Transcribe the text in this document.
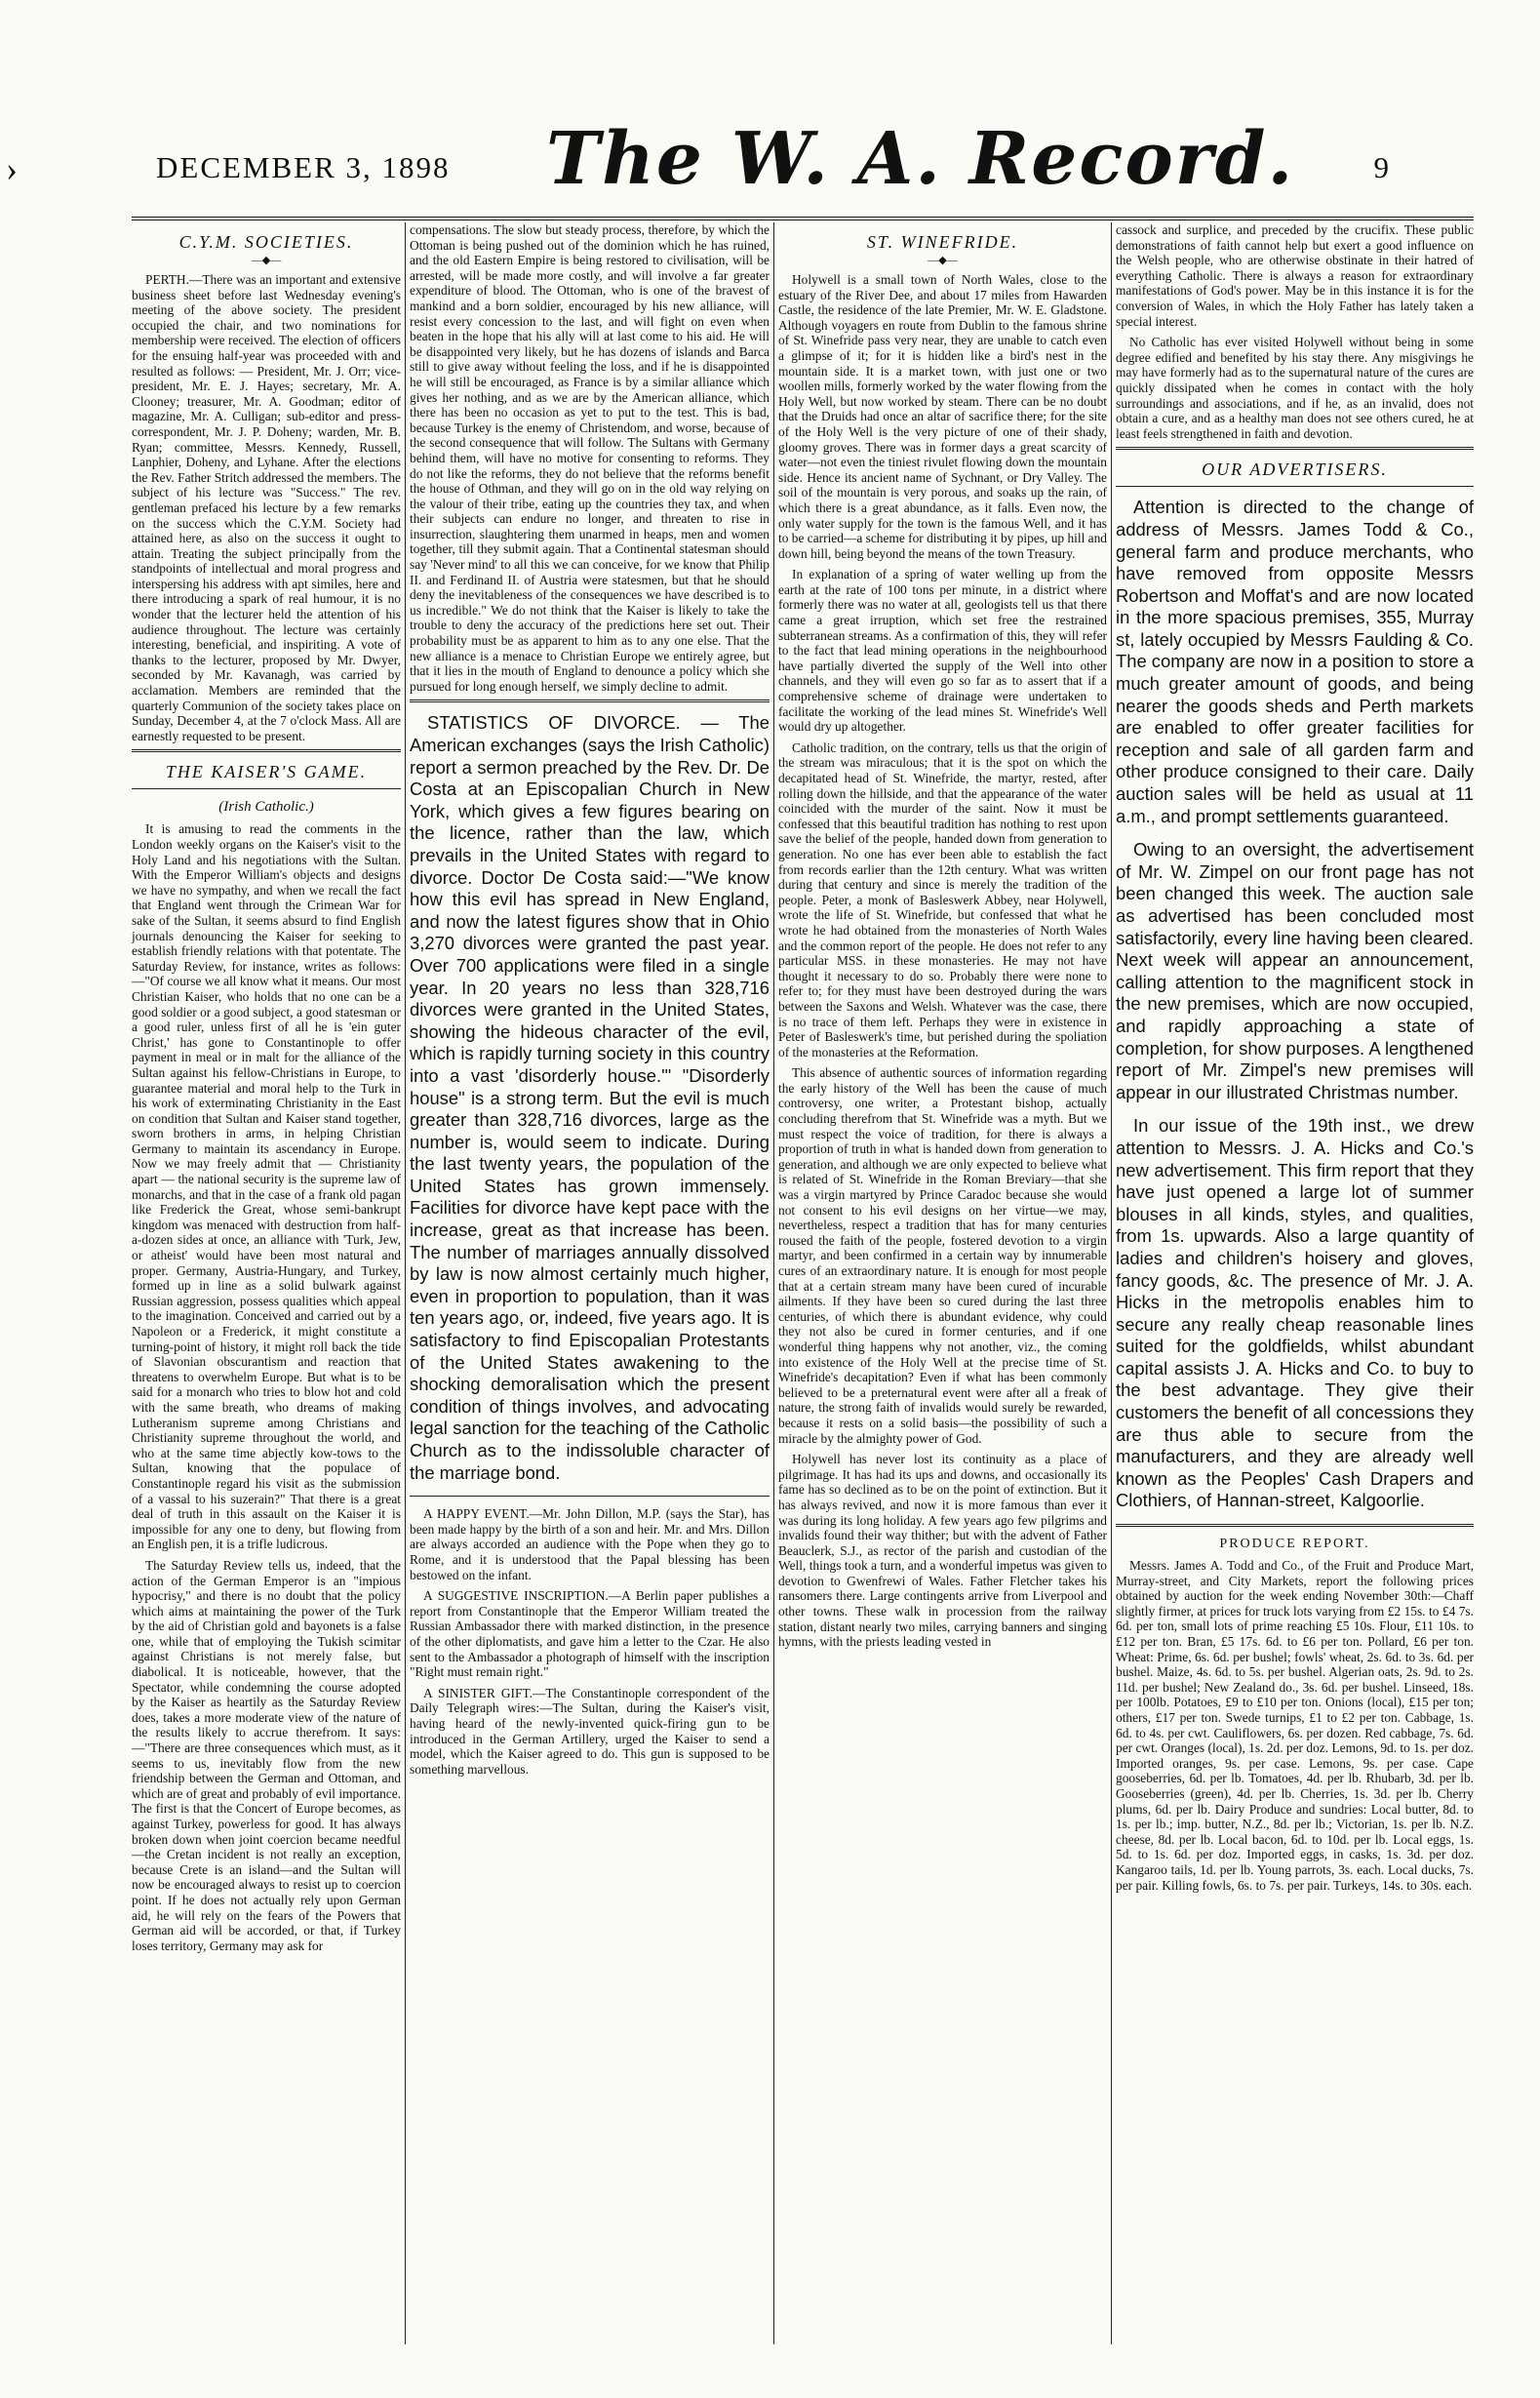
›	DECEMBER 3, 1898 The W. A. Record.	9
C.Y.M. SOCIETIES.
—◆—

PERTH.—There was an important and extensive business sheet before last Wednesday evening's meeting of the above society. The president occupied the chair, and two nominations for membership were received. The election of officers for the ensuing half-year was proceeded with and resulted as follows: — President, Mr. J. Orr; vice-president, Mr. E. J. Hayes; secretary, Mr. A. Clooney; treasurer, Mr. A. Goodman; editor of magazine, Mr. A. Culligan; sub-editor and press-correspondent, Mr. J. P. Doheny; warden, Mr. B. Ryan; committee, Messrs. Kennedy, Russell, Lanphier, Doheny, and Lyhane. After the elections the Rev. Father Stritch addressed the members. The subject of his lecture was "Success." The rev. gentleman prefaced his lecture by a few remarks on the success which the C.Y.M. Society had attained here, as also on the success it ought to attain. Treating the subject principally from the standpoints of intellectual and moral progress and interspersing his address with apt similes, here and there introducing a spark of real humour, it is no wonder that the lecturer held the attention of his audience throughout. The lecture was certainly interesting, beneficial, and inspiriting. A vote of thanks to the lecturer, proposed by Mr. Dwyer, seconded by Mr. Kavanagh, was carried by acclamation. Members are reminded that the quarterly Communion of the society takes place on Sunday, December 4, at the 7 o'clock Mass. All are earnestly requested to be present.

THE KAISER'S GAME.
(Irish Catholic.)

It is amusing to read the comments in the London weekly organs on the Kaiser's visit to the Holy Land and his negotiations with the Sultan. With the Emperor William's objects and designs we have no sympathy, and when we recall the fact that England went through the Crimean War for sake of the Sultan, it seems absurd to find English journals denouncing the Kaiser for seeking to establish friendly relations with that potentate. The Saturday Review, for instance, writes as follows:—"Of course we all know what it means. Our most Christian Kaiser, who holds that no one can be a good soldier or a good subject, a good statesman or a good ruler, unless first of all he is 'ein guter Christ,' has gone to Constantinople to offer payment in meal or in malt for the alliance of the Sultan against his fellow-Christians in Europe, to guarantee material and moral help to the Turk in his work of exterminating Christianity in the East on condition that Sultan and Kaiser stand together, sworn brothers in arms, in helping Christian Germany to maintain its ascendancy in Europe. Now we may freely admit that — Christianity apart — the national security is the supreme law of monarchs, and that in the case of a frank old pagan like Frederick the Great, whose semi-bankrupt kingdom was menaced with destruction from half-a-dozen sides at once, an alliance with 'Turk, Jew, or atheist' would have been most natural and proper. Germany, Austria-Hungary, and Turkey, formed up in line as a solid bulwark against Russian aggression, possess qualities which appeal to the imagination. Conceived and carried out by a Napoleon or a Frederick, it might constitute a turning-point of history, it might roll back the tide of Slavonian obscurantism and reaction that threatens to overwhelm Europe. But what is to be said for a monarch who tries to blow hot and cold with the same breath, who dreams of making Lutheranism supreme among Christians and Christianity supreme throughout the world, and who at the same time abjectly kow-tows to the Sultan, knowing that the populace of Constantinople regard his visit as the submission of a vassal to his suzerain?" That there is a great deal of truth in this assault on the Kaiser it is impossible for any one to deny, but flowing from an English pen, it is a trifle ludicrous.

The Saturday Review tells us, indeed, that the action of the German Emperor is an "impious hypocrisy," and there is no doubt that the policy which aims at maintaining the power of the Turk by the aid of Christian gold and bayonets is a false one, while that of employing the Tukish scimitar against Christians is not merely false, but diabolical. It is noticeable, however, that the Spectator, while condemning the course adopted by the Kaiser as heartily as the Saturday Review does, takes a more moderate view of the nature of the results likely to accrue therefrom. It says:—"There are three consequences which must, as it seems to us, inevitably flow from the new friendship between the German and Ottoman, and which are of great and probably of evil importance. The first is that the Concert of Europe becomes, as against Turkey, powerless for good. It has always broken down when joint coercion became needful—the Cretan incident is not really an exception, because Crete is an island—and the Sultan will now be encouraged always to resist up to coercion point. If he does not actually rely upon German aid, he will rely on the fears of the Powers that German aid will be accorded, or that, if Turkey loses territory, Germany may ask for

compensations. The slow but steady process, therefore, by which the Ottoman is being pushed out of the dominion which he has ruined, and the old Eastern Empire is being restored to civilisation, will be arrested, will be made more costly, and will involve a far greater expenditure of blood. The Ottoman, who is one of the bravest of mankind and a born soldier, encouraged by his new alliance, will resist every concession to the last, and will fight on even when beaten in the hope that his ally will at last come to his aid. He will be disappointed very likely, but he has dozens of islands and Barca still to give away without feeling the loss, and if he is disappointed he will still be encouraged, as France is by a similar alliance which gives her nothing, and as we are by the American alliance, which there has been no occasion as yet to put to the test. This is bad, because Turkey is the enemy of Christendom, and worse, because of the second consequence that will follow. The Sultans with Germany behind them, will have no motive for consenting to reforms. They do not like the reforms, they do not believe that the reforms benefit the house of Othman, and they will go on in the old way relying on the valour of their tribe, eating up the countries they tax, and when their subjects can endure no longer, and threaten to rise in insurrection, slaughtering them unarmed in heaps, men and women together, till they submit again. That a Continental statesman should say 'Never mind' to all this we can conceive, for we know that Philip II. and Ferdinand II. of Austria were statesmen, but that he should deny the inevitableness of the consequences we have described is to us incredible." We do not think that the Kaiser is likely to take the trouble to deny the accuracy of the predictions here set out. Their probability must be as apparent to him as to any one else. That the new alliance is a menace to Christian Europe we entirely agree, but that it lies in the mouth of England to denounce a policy which she pursued for long enough herself, we simply decline to admit.

STATISTICS OF DIVORCE. — The American exchanges (says the Irish Catholic) report a sermon preached by the Rev. Dr. De Costa at an Episcopalian Church in New York, which gives a few figures bearing on the licence, rather than the law, which prevails in the United States with regard to divorce. Doctor De Costa said:—"We know how this evil has spread in New England, and now the latest figures show that in Ohio 3,270 divorces were granted the past year. Over 700 applications were filed in a single year. In 20 years no less than 328,716 divorces were granted in the United States, showing the hideous character of the evil, which is rapidly turning society in this country into a vast 'disorderly house.'" "Disorderly house" is a strong term. But the evil is much greater than 328,716 divorces, large as the number is, would seem to indicate. During the last twenty years, the population of the United States has grown immensely. Facilities for divorce have kept pace with the increase, great as that increase has been. The number of marriages annually dissolved by law is now almost certainly much higher, even in proportion to population, than it was ten years ago, or, indeed, five years ago. It is satisfactory to find Episcopalian Protestants of the United States awakening to the shocking demoralisation which the present condition of things involves, and advocating legal sanction for the teaching of the Catholic Church as to the indissoluble character of the marriage bond.

A HAPPY EVENT.—Mr. John Dillon, M.P. (says the Star), has been made happy by the birth of a son and heir. Mr. and Mrs. Dillon are always accorded an audience with the Pope when they go to Rome, and it is understood that the Papal blessing has been bestowed on the infant.

A SUGGESTIVE INSCRIPTION.—A Berlin paper publishes a report from Constantinople that the Emperor William treated the Russian Ambassador there with marked distinction, in the presence of the other diplomatists, and gave him a letter to the Czar. He also sent to the Ambassador a photograph of himself with the inscription "Right must remain right."

A SINISTER GIFT.—The Constantinople correspondent of the Daily Telegraph wires:—The Sultan, during the Kaiser's visit, having heard of the newly-invented quick-firing gun to be introduced in the German Artillery, urged the Kaiser to send a model, which the Kaiser agreed to do. This gun is supposed to be something marvellous.

ST. WINEFRIDE.
—◆—

Holywell is a small town of North Wales, close to the estuary of the River Dee, and about 17 miles from Hawarden Castle, the residence of the late Premier, Mr. W. E. Gladstone. Although voyagers en route from Dublin to the famous shrine of St. Winefride pass very near, they are unable to catch even a glimpse of it; for it is hidden like a bird's nest in the mountain side. It is a market town, with just one or two woollen mills, formerly worked by the water flowing from the Holy Well, but now worked by steam. There can be no doubt that the Druids had once an altar of sacrifice there; for the site of the Holy Well is the very picture of one of their shady, gloomy groves. There was in former days a great scarcity of water—not even the tiniest rivulet flowing down the mountain side. Hence its ancient name of Sychnant, or Dry Valley. The soil of the mountain is very porous, and soaks up the rain, of which there is a great abundance, as it falls. Even now, the only water supply for the town is the famous Well, and it has to be carried—a scheme for distributing it by pipes, up hill and down hill, being beyond the means of the town Treasury.

In explanation of a spring of water welling up from the earth at the rate of 100 tons per minute, in a district where formerly there was no water at all, geologists tell us that there came a great irruption, which set free the restrained subterranean streams. As a confirmation of this, they will refer to the fact that lead mining operations in the neighbourhood have partially diverted the supply of the Well into other channels, and they will even go so far as to assert that if a comprehensive scheme of drainage were undertaken to facilitate the working of the lead mines St. Winefride's Well would dry up altogether.

Catholic tradition, on the contrary, tells us that the origin of the stream was miraculous; that it is the spot on which the decapitated head of St. Winefride, the martyr, rested, after rolling down the hillside, and that the appearance of the water coincided with the murder of the saint. Now it must be confessed that this beautiful tradition has nothing to rest upon save the belief of the people, handed down from generation to generation. No one has ever been able to establish the fact from records earlier than the 12th century. What was written during that century and since is merely the tradition of the people. Peter, a monk of Basleswerk Abbey, near Holywell, wrote the life of St. Winefride, but confessed that what he wrote he had obtained from the monasteries of North Wales and the common report of the people. He does not refer to any particular MSS. in these monasteries. He may not have thought it necessary to do so. Probably there were none to refer to; for they must have been destroyed during the wars between the Saxons and Welsh. Whatever was the case, there is no trace of them left. Perhaps they were in existence in Peter of Basleswerk's time, but perished during the spoliation of the monasteries at the Reformation.

This absence of authentic sources of information regarding the early history of the Well has been the cause of much controversy, one writer, a Protestant bishop, actually concluding therefrom that St. Winefride was a myth. But we must respect the voice of tradition, for there is always a proportion of truth in what is handed down from generation to generation, and although we are only expected to believe what is related of St. Winefride in the Roman Breviary—that she was a virgin martyred by Prince Caradoc because she would not consent to his evil designs on her virtue—we may, nevertheless, respect a tradition that has for many centuries roused the faith of the people, fostered devotion to a virgin martyr, and been confirmed in a certain way by innumerable cures of an extraordinary nature. It is enough for most people that at a certain stream many have been cured of incurable ailments. If they have been so cured during the last three centuries, of which there is abundant evidence, why could they not also be cured in former centuries, and if one wonderful thing happens why not another, viz., the coming into existence of the Holy Well at the precise time of St. Winefride's decapitation? Even if what has been commonly believed to be a preternatural event were after all a freak of nature, the strong faith of invalids would surely be rewarded, because it rests on a solid basis—the possibility of such a miracle by the almighty power of God.

Holywell has never lost its continuity as a place of pilgrimage. It has had its ups and downs, and occasionally its fame has so declined as to be on the point of extinction. But it has always revived, and now it is more famous than ever it was during its long holiday. A few years ago few pilgrims and invalids found their way thither; but with the advent of Father Beauclerk, S.J., as rector of the parish and custodian of the Well, things took a turn, and a wonderful impetus was given to devotion to Gwenfrewi of Wales. Father Fletcher takes his ransomers there. Large contingents arrive from Liverpool and other towns. These walk in procession from the railway station, distant nearly two miles, carrying banners and singing hymns, with the priests leading vested in

cassock and surplice, and preceded by the crucifix. These public demonstrations of faith cannot help but exert a good influence on the Welsh people, who are otherwise obstinate in their hatred of everything Catholic. There is always a reason for extraordinary manifestations of God's power. May be in this instance it is for the conversion of Wales, in which the Holy Father has lately taken a special interest.

No Catholic has ever visited Holywell without being in some degree edified and benefited by his stay there. Any misgivings he may have formerly had as to the supernatural nature of the cures are quickly dissipated when he comes in contact with the holy surroundings and associations, and if he, as an invalid, does not obtain a cure, and as a healthy man does not see others cured, he at least feels strengthened in faith and devotion.

OUR ADVERTISERS.

Attention is directed to the change of address of Messrs. James Todd & Co., general farm and produce merchants, who have removed from opposite Messrs Robertson and Moffat's and are now located in the more spacious premises, 355, Murray st, lately occupied by Messrs Faulding & Co. The company are now in a position to store a much greater amount of goods, and being nearer the goods sheds and Perth markets are enabled to offer greater facilities for reception and sale of all garden farm and other produce consigned to their care. Daily auction sales will be held as usual at 11 a.m., and prompt settlements guaranteed.

Owing to an oversight, the advertisement of Mr. W. Zimpel on our front page has not been changed this week. The auction sale as advertised has been concluded most satisfactorily, every line having been cleared. Next week will appear an announcement, calling attention to the magnificent stock in the new premises, which are now occupied, and rapidly approaching a state of completion, for show purposes. A lengthened report of Mr. Zimpel's new premises will appear in our illustrated Christmas number.

In our issue of the 19th inst., we drew attention to Messrs. J. A. Hicks and Co.'s new advertisement. This firm report that they have just opened a large lot of summer blouses in all kinds, styles, and qualities, from 1s. upwards. Also a large quantity of ladies and children's hoisery and gloves, fancy goods, &c. The presence of Mr. J. A. Hicks in the metropolis enables him to secure any really cheap reasonable lines suited for the goldfields, whilst abundant capital assists J. A. Hicks and Co. to buy to the best advantage. They give their customers the benefit of all concessions they are thus able to secure from the manufacturers, and they are already well known as the Peoples' Cash Drapers and Clothiers, of Hannan-street, Kalgoorlie.

PRODUCE REPORT.

Messrs. James A. Todd and Co., of the Fruit and Produce Mart, Murray-street, and City Markets, report the following prices obtained by auction for the week ending November 30th:—Chaff slightly firmer, at prices for truck lots varying from £2 15s. to £4 7s. 6d. per ton, small lots of prime reaching £5 10s. Flour, £11 10s. to £12 per ton. Bran, £5 17s. 6d. to £6 per ton. Pollard, £6 per ton. Wheat: Prime, 6s. 6d. per bushel; fowls' wheat, 2s. 6d. to 3s. 6d. per bushel. Maize, 4s. 6d. to 5s. per bushel. Algerian oats, 2s. 9d. to 2s. 11d. per bushel; New Zealand do., 3s. 6d. per bushel. Linseed, 18s. per 100lb. Potatoes, £9 to £10 per ton. Onions (local), £15 per ton; others, £17 per ton. Swede turnips, £1 to £2 per ton. Cabbage, 1s. 6d. to 4s. per cwt. Cauliflowers, 6s. per dozen. Red cabbage, 7s. 6d. per cwt. Oranges (local), 1s. 2d. per doz. Lemons, 9d. to 1s. per doz. Imported oranges, 9s. per case. Lemons, 9s. per case. Cape gooseberries, 6d. per lb. Tomatoes, 4d. per lb. Rhubarb, 3d. per lb. Gooseberries (green), 4d. per lb. Cherries, 1s. 3d. per lb. Cherry plums, 6d. per lb. Dairy Produce and sundries: Local butter, 8d. to 1s. per lb.; imp. butter, N.Z., 8d. per lb.; Victorian, 1s. per lb. N.Z. cheese, 8d. per lb. Local bacon, 6d. to 10d. per lb. Local eggs, 1s. 5d. to 1s. 6d. per doz. Imported eggs, in casks, 1s. 3d. per doz. Kangaroo tails, 1d. per lb. Young parrots, 3s. each. Local ducks, 7s. per pair. Killing fowls, 6s. to 7s. per pair. Turkeys, 14s. to 30s. each.
